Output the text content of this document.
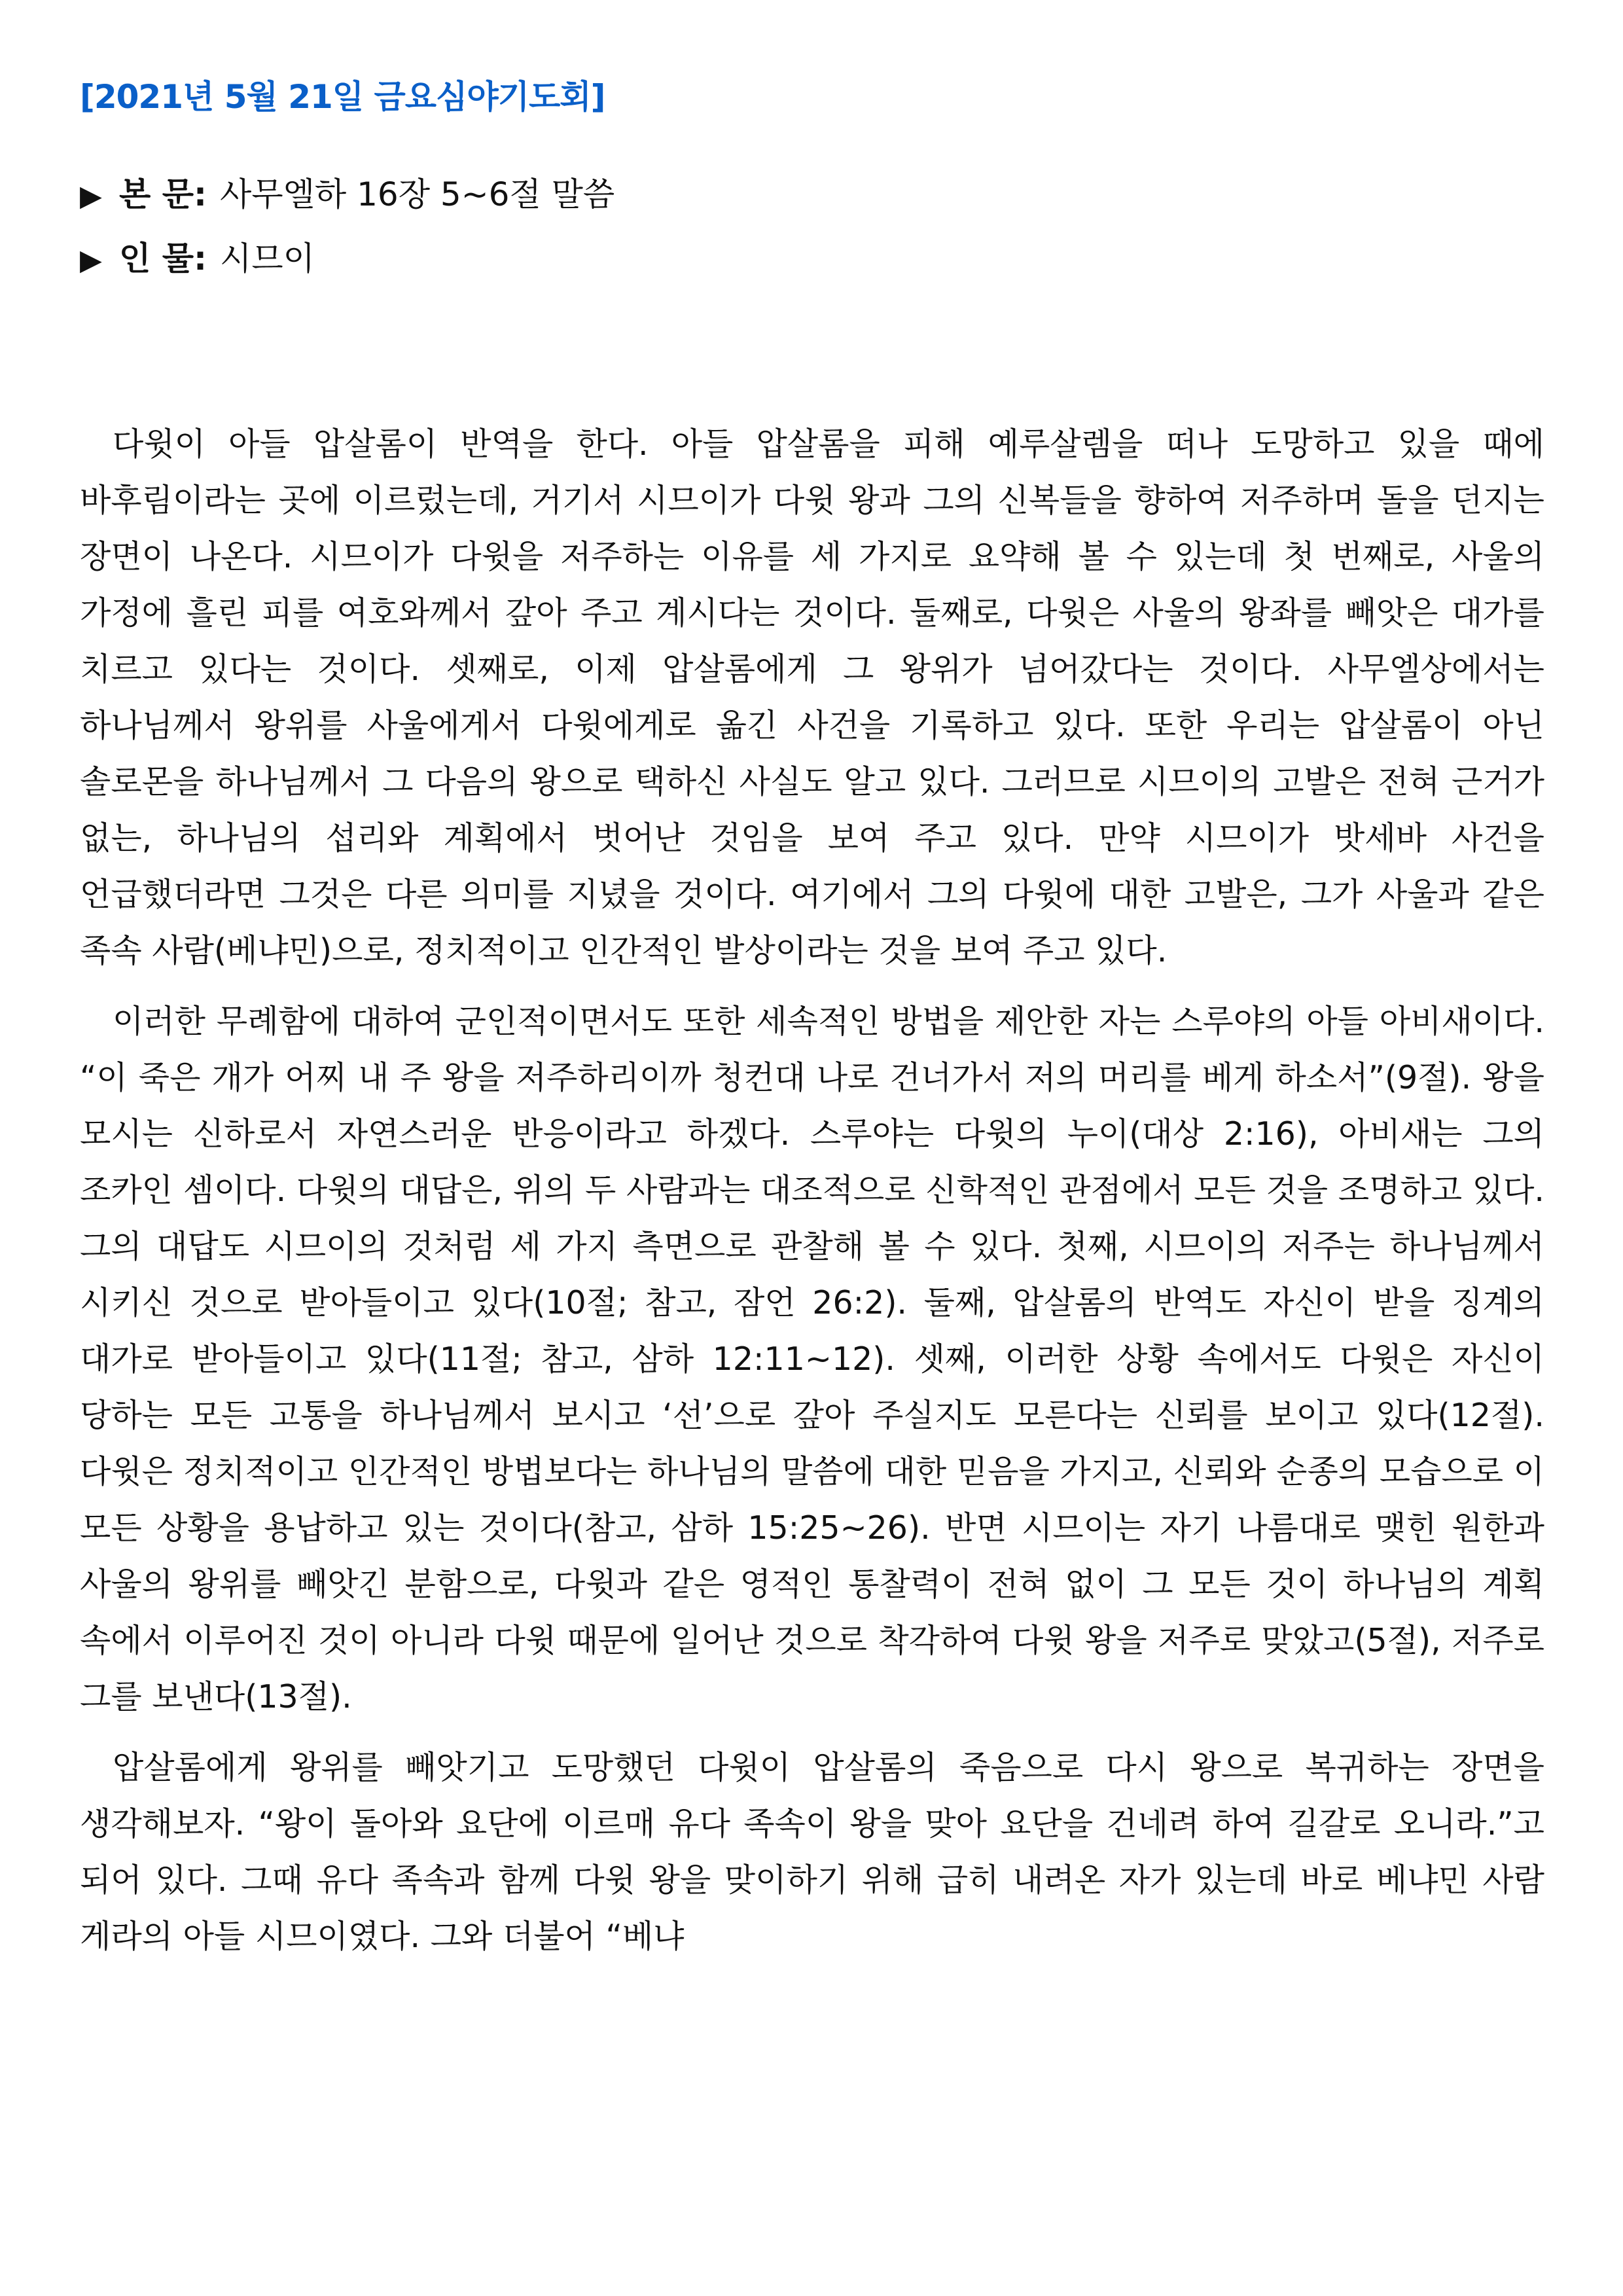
[2021년 5월 21일 금요심야기도회]
▶ 본 문: 사무엘하 16장 5~6절 말씀
▶ 인 물: 시므이

다윗이 아들 압살롬이 반역을 한다. 아들 압살롬을 피해 예루살렘을 떠나 도망하고 있을 때에 바후림이라는 곳에 이르렀는데, 거기서 시므이가 다윗 왕과 그의 신복들을 향하여 저주하며 돌을 던지는 장면이 나온다. 시므이가 다윗을 저주하는 이유를 세 가지로 요약해 볼 수 있는데 첫 번째로, 사울의 가정에 흘린 피를 여호와께서 갚아 주고 계시다는 것이다. 둘째로, 다윗은 사울의 왕좌를 빼앗은 대가를 치르고 있다는 것이다. 셋째로, 이제 압살롬에게 그 왕위가 넘어갔다는 것이다. 사무엘상에서는 하나님께서 왕위를 사울에게서 다윗에게로 옮긴 사건을 기록하고 있다. 또한 우리는 압살롬이 아닌 솔로몬을 하나님께서 그 다음의 왕으로 택하신 사실도 알고 있다. 그러므로 시므이의 고발은 전혀 근거가 없는, 하나님의 섭리와 계획에서 벗어난 것임을 보여 주고 있다. 만약 시므이가 밧세바 사건을 언급했더라면 그것은 다른 의미를 지녔을 것이다. 여기에서 그의 다윗에 대한 고발은, 그가 사울과 같은 족속 사람(베냐민)으로, 정치적이고 인간적인 발상이라는 것을 보여 주고 있다.

이러한 무례함에 대하여 군인적이면서도 또한 세속적인 방법을 제안한 자는 스루야의 아들 아비새이다. “이 죽은 개가 어찌 내 주 왕을 저주하리이까 청컨대 나로 건너가서 저의 머리를 베게 하소서”(9절). 왕을 모시는 신하로서 자연스러운 반응이라고 하겠다. 스루야는 다윗의 누이(대상 2:16), 아비새는 그의 조카인 셈이다. 다윗의 대답은, 위의 두 사람과는 대조적으로 신학적인 관점에서 모든 것을 조명하고 있다. 그의 대답도 시므이의 것처럼 세 가지 측면으로 관찰해 볼 수 있다. 첫째, 시므이의 저주는 하나님께서 시키신 것으로 받아들이고 있다(10절; 참고, 잠언 26:2). 둘째, 압살롬의 반역도 자신이 받을 징계의 대가로 받아들이고 있다(11절; 참고, 삼하 12:11~12). 셋째, 이러한 상황 속에서도 다윗은 자신이 당하는 모든 고통을 하나님께서 보시고 ‘선’으로 갚아 주실지도 모른다는 신뢰를 보이고 있다(12절). 다윗은 정치적이고 인간적인 방법보다는 하나님의 말씀에 대한 믿음을 가지고, 신뢰와 순종의 모습으로 이 모든 상황을 용납하고 있는 것이다(참고, 삼하 15:25~26). 반면 시므이는 자기 나름대로 맺힌 원한과 사울의 왕위를 빼앗긴 분함으로, 다윗과 같은 영적인 통찰력이 전혀 없이 그 모든 것이 하나님의 계획 속에서 이루어진 것이 아니라 다윗 때문에 일어난 것으로 착각하여 다윗 왕을 저주로 맞았고(5절), 저주로 그를 보낸다(13절).

압살롬에게 왕위를 빼앗기고 도망했던 다윗이 압살롬의 죽음으로 다시 왕으로 복귀하는 장면을 생각해보자. “왕이 돌아와 요단에 이르매 유다 족속이 왕을 맞아 요단을 건네려 하여 길갈로 오니라.”고 되어 있다. 그때 유다 족속과 함께 다윗 왕을 맞이하기 위해 급히 내려온 자가 있는데 바로 베냐민 사람 게라의 아들 시므이였다. 그와 더불어 “베냐
